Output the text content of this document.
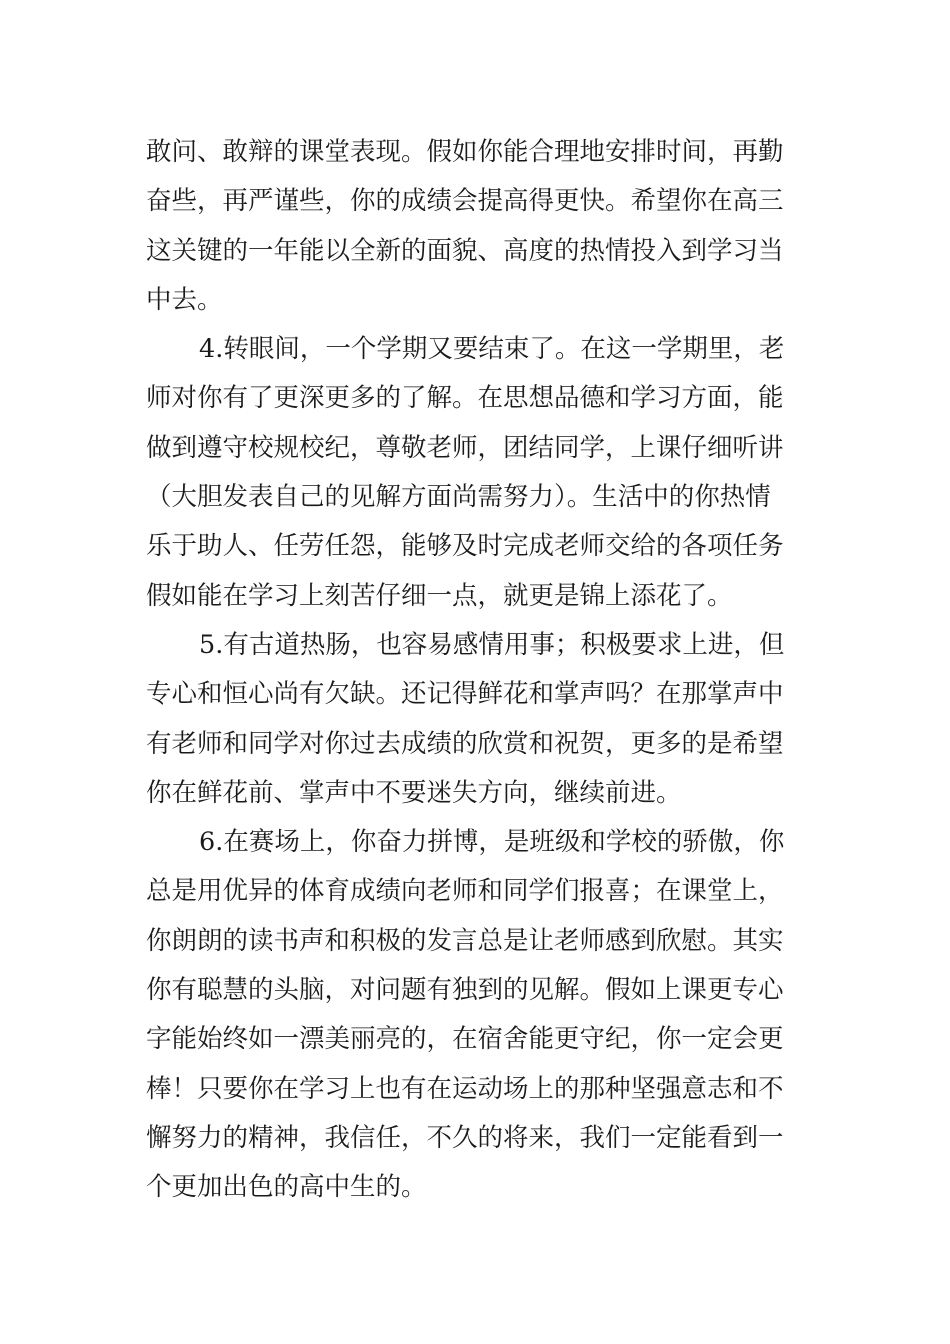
敢问、敢辩的课堂表现。假如你能合理地安排时间，再勤
奋些，再严谨些，你的成绩会提高得更快。希望你在高三
这关键的一年能以全新的面貌、高度的热情投入到学习当
中去。
4.转眼间，一个学期又要结束了。在这一学期里，老
师对你有了更深更多的了解。在思想品德和学习方面，能
做到遵守校规校纪，尊敬老师，团结同学，上课仔细听讲
（大胆发表自己的见解方面尚需努力）。生活中的你热情
乐于助人、任劳任怨，能够及时完成老师交给的各项任务
假如能在学习上刻苦仔细一点，就更是锦上添花了。
5.有古道热肠，也容易感情用事；积极要求上进，但
专心和恒心尚有欠缺。还记得鲜花和掌声吗？在那掌声中
有老师和同学对你过去成绩的欣赏和祝贺，更多的是希望
你在鲜花前、掌声中不要迷失方向，继续前进。
6.在赛场上，你奋力拼博，是班级和学校的骄傲，你
总是用优异的体育成绩向老师和同学们报喜；在课堂上，
你朗朗的读书声和积极的发言总是让老师感到欣慰。其实
你有聪慧的头脑，对问题有独到的见解。假如上课更专心
字能始终如一漂美丽亮的，在宿舍能更守纪，你一定会更
棒！只要你在学习上也有在运动场上的那种坚强意志和不
懈努力的精神，我信任，不久的将来，我们一定能看到一
个更加出色的高中生的。
